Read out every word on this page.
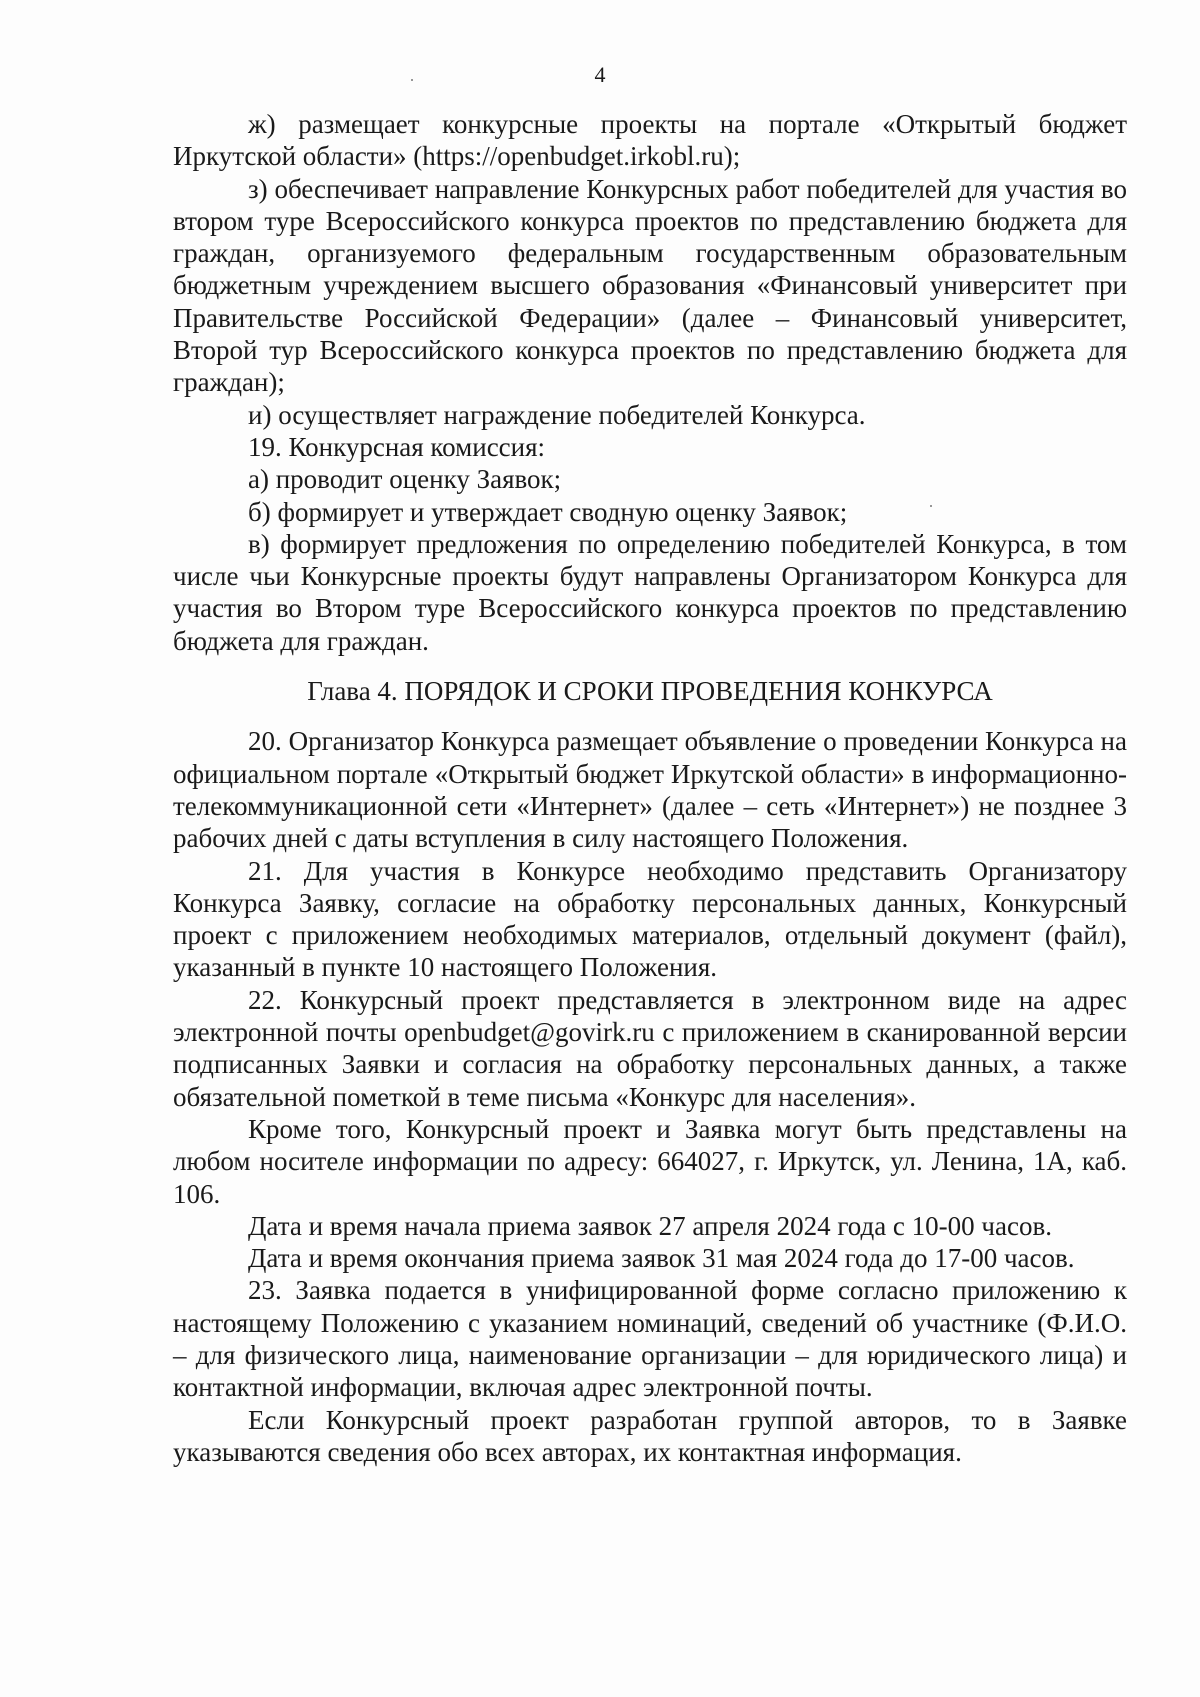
4

ж) размещает конкурсные проекты на портале «Открытый бюджет Иркутской области» (https://openbudget.irkobl.ru);

з) обеспечивает направление Конкурсных работ победителей для участия во втором туре Всероссийского конкурса проектов по представлению бюджета для граждан, организуемого федеральным государственным образовательным бюджетным учреждением высшего образования «Финансовый университет при Правительстве Российской Федерации» (далее – Финансовый университет, Второй тур Всероссийского конкурса проектов по представлению бюджета для граждан);

и) осуществляет награждение победителей Конкурса.

19. Конкурсная комиссия:

а) проводит оценку Заявок;

б) формирует и утверждает сводную оценку Заявок;

в) формирует предложения по определению победителей Конкурса, в том числе чьи Конкурсные проекты будут направлены Организатором Конкурса для участия во Втором туре Всероссийского конкурса проектов по представлению бюджета для граждан.

Глава 4. ПОРЯДОК И СРОКИ ПРОВЕДЕНИЯ КОНКУРСА

20. Организатор Конкурса размещает объявление о проведении Конкурса на официальном портале «Открытый бюджет Иркутской области» в информационно-телекоммуникационной сети «Интернет» (далее – сеть «Интернет») не позднее 3 рабочих дней с даты вступления в силу настоящего Положения.

21. Для участия в Конкурсе необходимо представить Организатору Конкурса Заявку, согласие на обработку персональных данных, Конкурсный проект с приложением необходимых материалов, отдельный документ (файл), указанный в пункте 10 настоящего Положения.

22. Конкурсный проект представляется в электронном виде на адрес электронной почты openbudget@govirk.ru с приложением в сканированной версии подписанных Заявки и согласия на обработку персональных данных, а также обязательной пометкой в теме письма «Конкурс для населения».

Кроме того, Конкурсный проект и Заявка могут быть представлены на любом носителе информации по адресу: 664027, г. Иркутск, ул. Ленина, 1А, каб. 106.

Дата и время начала приема заявок 27 апреля 2024 года с 10-00 часов.

Дата и время окончания приема заявок 31 мая 2024 года до 17-00 часов.

23. Заявка подается в унифицированной форме согласно приложению к настоящему Положению с указанием номинаций, сведений об участнике (Ф.И.О. – для физического лица, наименование организации – для юридического лица) и контактной информации, включая адрес электронной почты.

Если Конкурсный проект разработан группой авторов, то в Заявке указываются сведения обо всех авторах, их контактная информация.
